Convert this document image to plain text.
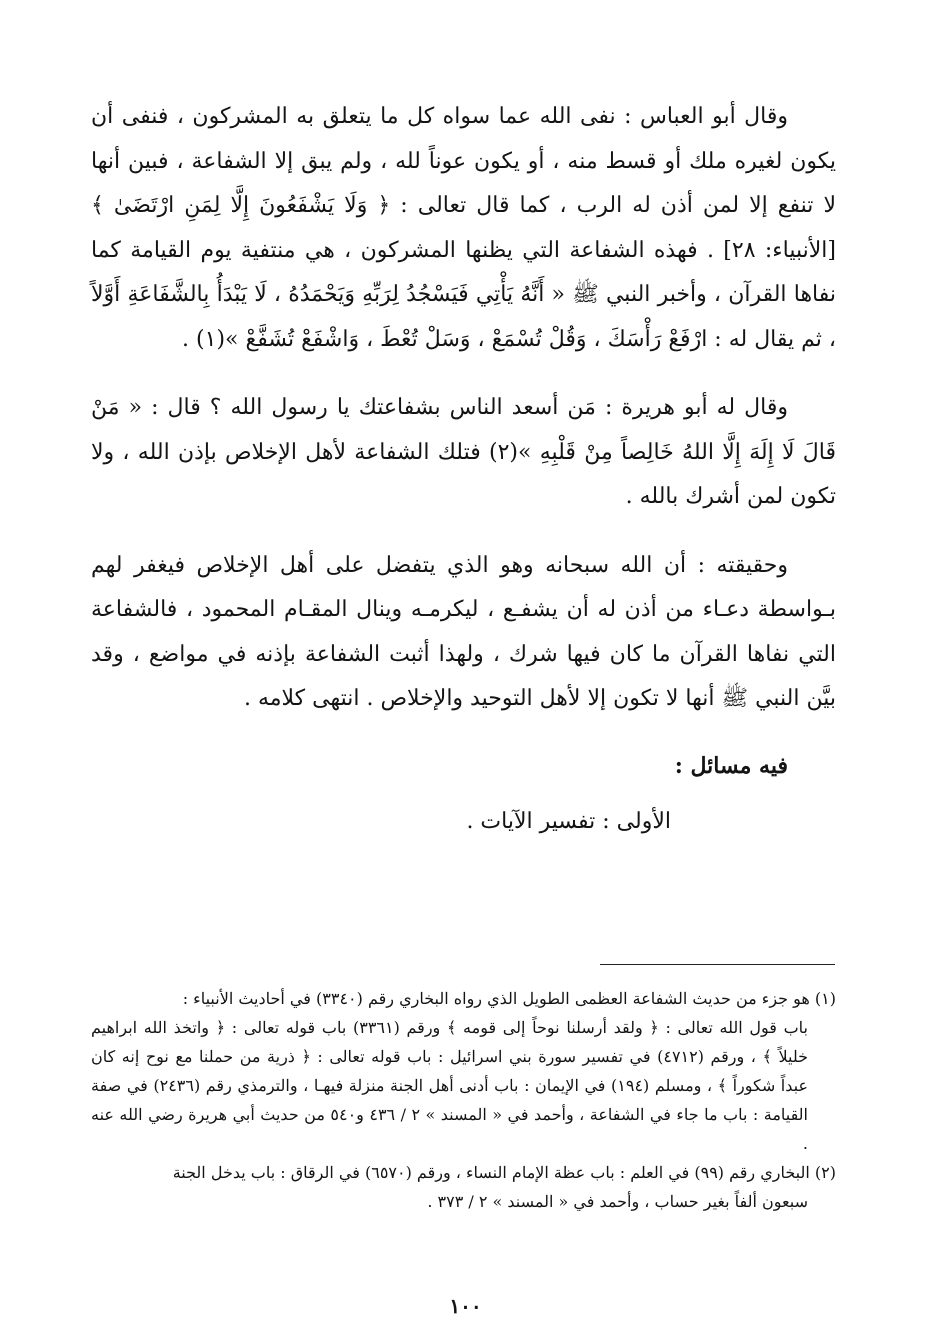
وقال أبو العباس : نفى الله عما سواه كل ما يتعلق به المشركون ، فنفى أن يكون لغيره ملك أو قسط منه ، أو يكون عوناً لله ، ولم يبق إلا الشفاعة ، فبين أنها لا تنفع إلا لمن أذن له الرب ، كما قال تعالى : ﴿ وَلَا يَشْفَعُونَ إِلَّا لِمَنِ ارْتَضَىٰ ﴾ [الأنبياء: ٢٨] . فهذه الشفاعة التي يظنها المشركون ، هي منتفية يوم القيامة كما نفاها القرآن ، وأخبر النبي ﷺ « أَنَّهُ يَأْتِي فَيَسْجُدُ لِرَبِّهِ وَيَحْمَدُهُ ، لَا يَبْدَأُ بِالشَّفَاعَةِ أَوَّلاً ، ثم يقال له : ارْفَعْ رَأْسَكَ ، وَقُلْ تُسْمَعْ ، وَسَلْ تُعْطَ ، وَاشْفَعْ تُشَفَّعْ »(١) .

وقال له أبو هريرة : مَن أسعد الناس بشفاعتك يا رسول الله ؟ قال : « مَنْ قَالَ لَا إِلَهَ إِلَّا اللهُ خَالِصاً مِنْ قَلْبِهِ »(٢) فتلك الشفاعة لأهل الإخلاص بإذن الله ، ولا تكون لمن أشرك بالله .

وحقيقته : أن الله سبحانه وهو الذي يتفضل على أهل الإخلاص فيغفر لهم بـواسطة دعـاء من أذن له أن يشفـع ، ليكرمـه وينال المقـام المحمود ، فالشفاعة التي نفاها القرآن ما كان فيها شرك ، ولهذا أثبت الشفاعة بإذنه في مواضع ، وقد بيَّن النبي ﷺ أنها لا تكون إلا لأهل التوحيد والإخلاص . انتهى كلامه .

فيه مسائل :

الأولى : تفسير الآيات .

(١) هو جزء من حديث الشفاعة العظمى الطويل الذي رواه البخاري رقم (٣٣٤٠) في أحاديث الأنبياء :

باب قول الله تعالى : ﴿ ولقد أرسلنا نوحاً إلى قومه ﴾ ورقم (٣٣٦١) باب قوله تعالى : ﴿ واتخذ الله ابراهيم خليلاً ﴾ ، ورقم (٤٧١٢) في تفسير سورة بني اسرائيل : باب قوله تعالى : ﴿ ذرية من حملنا مع نوح إنه كان عبداً شكوراً ﴾ ، ومسلم (١٩٤) في الإيمان : باب أدنى أهل الجنة منزلة فيهـا ، والترمذي رقم (٢٤٣٦) في صفة القيامة : باب ما جاء في الشفاعة ، وأحمد في « المسند » ٢ / ٤٣٦ و٥٤٠ من حديث أبي هريرة رضي الله عنه .

(٢) البخاري رقم (٩٩) في العلم : باب عظة الإمام النساء ، ورقم (٦٥٧٠) في الرقاق : باب يدخل الجنة

سبعون ألفاً بغير حساب ، وأحمد في « المسند » ٢ / ٣٧٣ .

١٠٠
